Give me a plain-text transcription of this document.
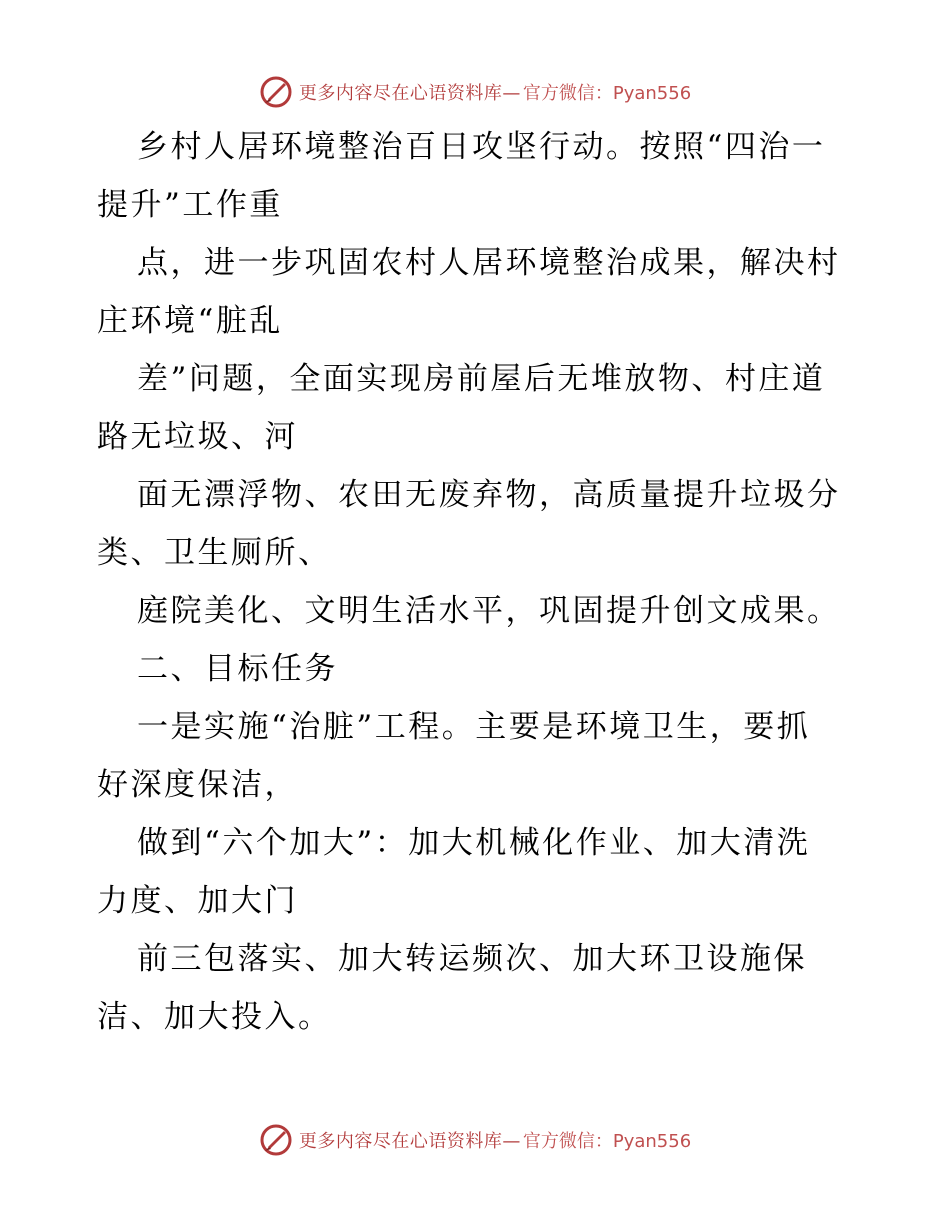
更多内容尽在心语资料库— 官方微信：Pyan556
乡村人居环境整治百日攻坚行动。按照“四治一
提升”工作重
点，进一步巩固农村人居环境整治成果，解决村
庄环境“脏乱
差”问题，全面实现房前屋后无堆放物、村庄道
路无垃圾、河
面无漂浮物、农田无废弃物，高质量提升垃圾分
类、卫生厕所、
庭院美化、文明生活水平，巩固提升创文成果。
二、目标任务
一是实施“治脏”工程。主要是环境卫生，要抓
好深度保洁，
做到“六个加大”：加大机械化作业、加大清洗
力度、加大门
前三包落实、加大转运频次、加大环卫设施保
洁、加大投入。
更多内容尽在心语资料库— 官方微信：Pyan556
